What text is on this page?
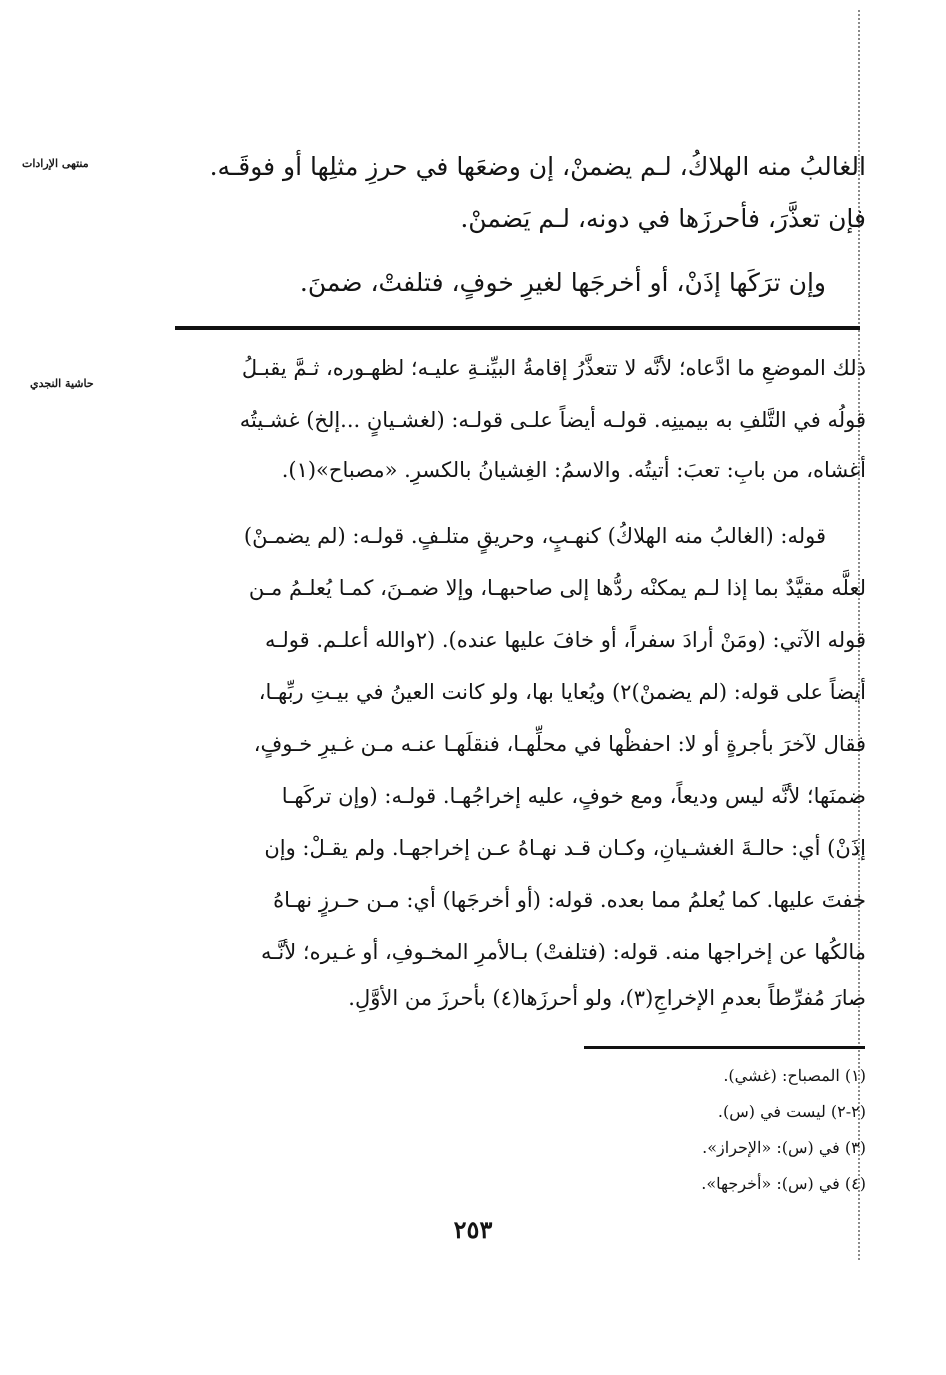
منتهى الإرادات
حاشية النجدي
الغالبُ منه الهلاكُ، لـم يضمنْ، إن وضعَها في حرزِ مثلِها أو فوقَـه.
فإن تعذَّرَ، فأحرزَها في دونه، لـم يَضمنْ.
وإن ترَكَها إذَنْ، أو أخرجَها لغيرِ خوفٍ، فتلفتْ، ضمنَ.
ذلك الموضعِ ما ادَّعاه؛ لأنَّه لا تتعذَّرُ إقامةُ البيِّنـةِ عليـه؛ لظهـوره، ثـمَّ يقبـلُ
قولُه في التَّلفِ به بيمينِه. قولـه أيضاً علـى قولـه: (لغشـيانٍ ...إلخ) غشـيتُه
أغشاه، من بابِ: تعبَ: أتيتُه. والاسمُ: الغِشيانُ بالكسرِ. «مصباح»(١).
قوله: (الغالبُ منه الهلاكُ) كنهـبٍ، وحريقٍ متلـفٍ. قولـه: (لم يضمـنْ)
لعلَّه مقيَّدٌ بما إذا لـم يمكنْه ردُّها إلى صاحبهـا، وإلا ضمـنَ، كمـا يُعلـمُ مـن
قوله الآتي: (ومَنْ أرادَ سفراً، أو خافَ عليها عنده). (٢والله أعلـم. قولـه
أيضاً على قوله: (لم يضمنْ)٢) ويُعايا بها، ولو كانت العينُ في بيـتِ ربِّهـا،
فقال لآخرَ بأجرةٍ أو لا: احفظْها في محلِّهـا، فنقلَهـا عنـه مـن غـيرِ خـوفٍ،
ضمنَها؛ لأنَّه ليس وديعاً، ومع خوفٍ، عليه إخراجُهـا. قولـه: (وإن تركَهـا
إذَنْ) أي: حالـةَ الغشـيانِ، وكـان قـد نهـاهُ عـن إخراجهـا. ولم يقـلْ: وإن
خفتَ عليها. كما يُعلمُ مما بعده. قوله: (أو أخرجَها) أي: مـن حـرزٍ نهـاهُ
مالكُها عن إخراجها منه. قوله: (فتلفتْ) بـالأمرِ المخـوفِ، أو غـيره؛ لأنَّـه
صارَ مُفرِّطاً بعدمِ الإخراجِ(٣)، ولو أحرزَها(٤) بأحرزَ من الأوَّلِ.
(١) المصباح: (غشي).
(٢-٢) ليست في (س).
(٣) في (س): «الإحراز».
(٤) في (س): «أخرجها».
٢٥٣
